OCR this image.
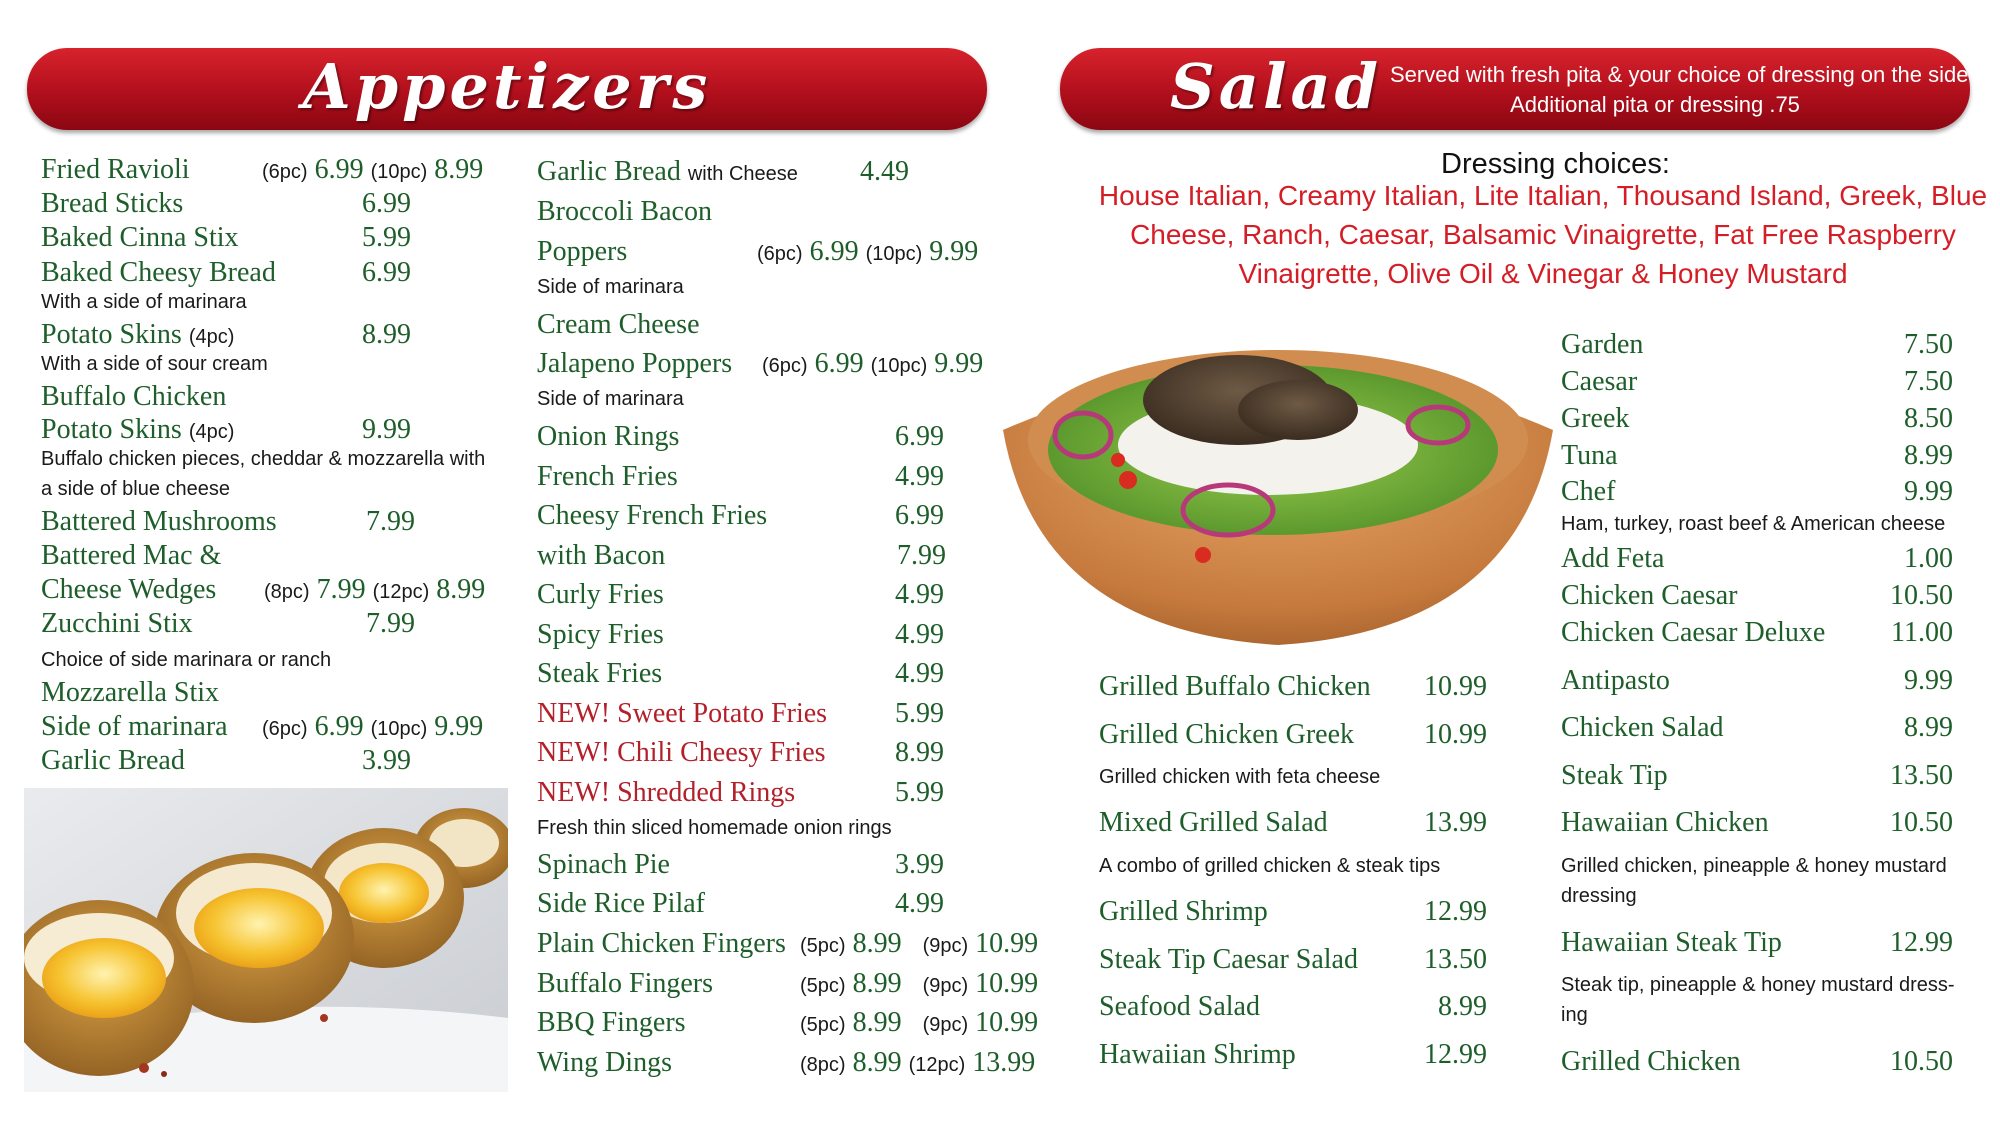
Appetizers	Salad Served with fresh pita & your choice of dressing on the side
Additional pita or dressing .75
Fried Ravioli	(6pc) 6.99 (10pc) 8.99
Bread Sticks	6.99
Baked Cinna Stix	5.99
Baked Cheesy Bread	6.99
With a side of marinara
Potato Skins (4pc)	8.99
With a side of sour cream
Buffalo Chicken
Potato Skins (4pc)	9.99
Buffalo chicken pieces, cheddar & mozzarella with a side of blue cheese
Battered Mushrooms	7.99
Battered Mac &
Cheese Wedges (8pc) 7.99 (12pc) 8.99
Zucchini Stix	7.99
Choice of side marinara or ranch
Mozzarella Stix
Side of marinara (6pc) 6.99 (10pc) 9.99
Garlic Bread	3.99
Garlic Bread with Cheese 4.49
Broccoli Bacon
Poppers	(6pc) 6.99 (10pc) 9.99
Side of marinara
Cream Cheese
Jalapeno Poppers (6pc) 6.99 (10pc) 9.99
Side of marinara
Onion Rings	6.99
French Fries	4.99
Cheesy French Fries	6.99
with Bacon	7.99
Curly Fries	4.99
Spicy Fries	4.99
Steak Fries	4.99
NEW! Sweet Potato Fries 5.99
NEW! Chili Cheesy Fries 8.99
NEW! Shredded Rings	5.99
Fresh thin sliced homemade onion rings
Spinach Pie	3.99
Side Rice Pilaf	4.99
Plain Chicken Fingers (5pc) 8.99 (9pc) 10.99
Buffalo Fingers	(5pc) 8.99 (9pc) 10.99
BBQ Fingers	(5pc) 8.99 (9pc) 10.99
Wing Dings	(8pc) 8.99 (12pc) 13.99
Dressing choices:
House Italian, Creamy Italian, Lite Italian, Thousand Island, Greek, Blue Cheese, Ranch, Caesar, Balsamic Vinaigrette, Fat Free Raspberry Vinaigrette, Olive Oil & Vinegar & Honey Mustard
Grilled Buffalo Chicken	10.99
Grilled Chicken Greek	10.99
Grilled chicken with feta cheese
Mixed Grilled Salad	13.99
A combo of grilled chicken & steak tips
Grilled Shrimp	12.99
Steak Tip Caesar Salad	13.50
Seafood Salad	8.99
Hawaiian Shrimp	12.99
Garden	7.50
Caesar	7.50
Greek	8.50
Tuna	8.99
Chef	9.99
Ham, turkey, roast beef & American cheese
Add Feta	1.00
Chicken Caesar	10.50
Chicken Caesar Deluxe	11.00
Antipasto	9.99
Chicken Salad	8.99
Steak Tip	13.50
Hawaiian Chicken	10.50
Grilled chicken, pineapple & honey mustard dressing
Hawaiian Steak Tip	12.99
Steak tip, pineapple & honey mustard dress-ing
Grilled Chicken	10.50
